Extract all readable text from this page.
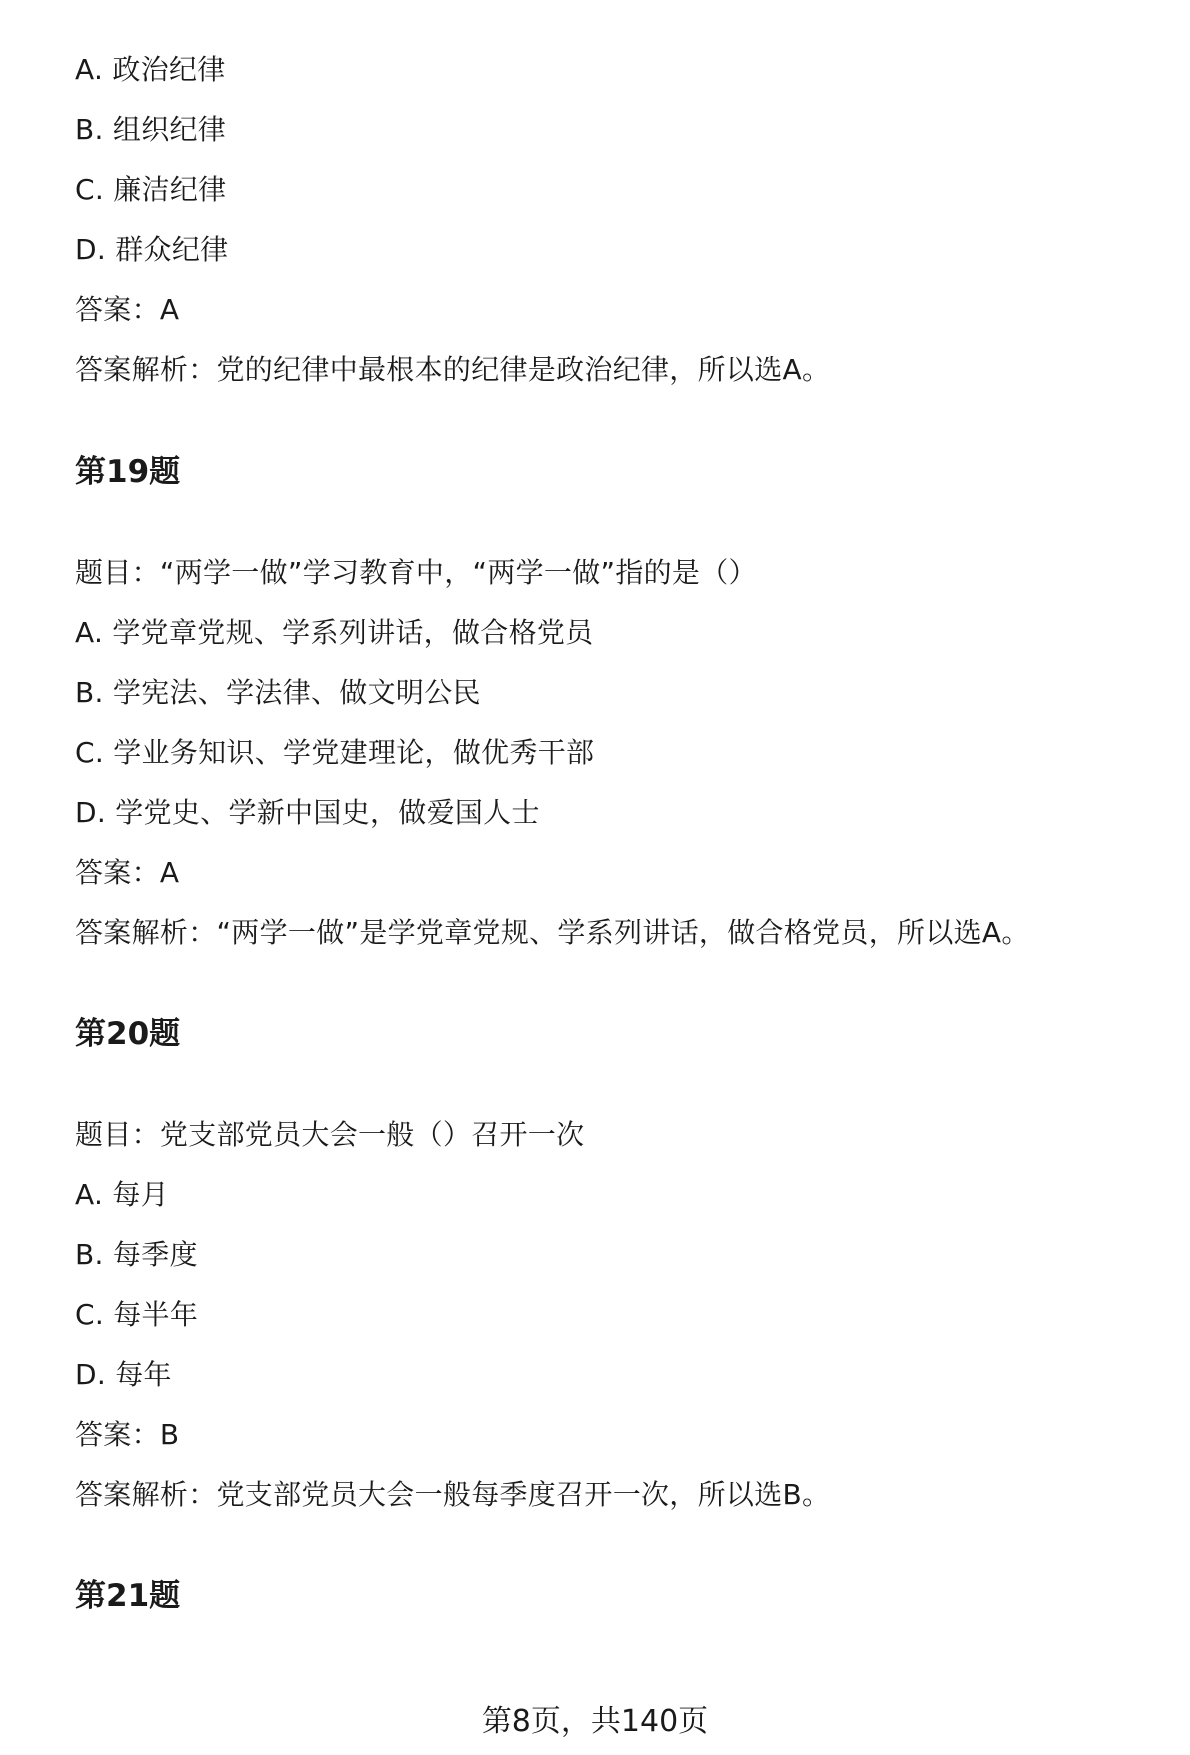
A. 政治纪律
B. 组织纪律
C. 廉洁纪律
D. 群众纪律
答案：A
答案解析：党的纪律中最根本的纪律是政治纪律，所以选A。
第19题
题目：“两学一做”学习教育中，“两学一做”指的是（）
A. 学党章党规、学系列讲话，做合格党员
B. 学宪法、学法律、做文明公民
C. 学业务知识、学党建理论，做优秀干部
D. 学党史、学新中国史，做爱国人士
答案：A
答案解析：“两学一做”是学党章党规、学系列讲话，做合格党员，所以选A。
第20题
题目：党支部党员大会一般（）召开一次
A. 每月
B. 每季度
C. 每半年
D. 每年
答案：B
答案解析：党支部党员大会一般每季度召开一次，所以选B。
第21题
第8页，共140页
